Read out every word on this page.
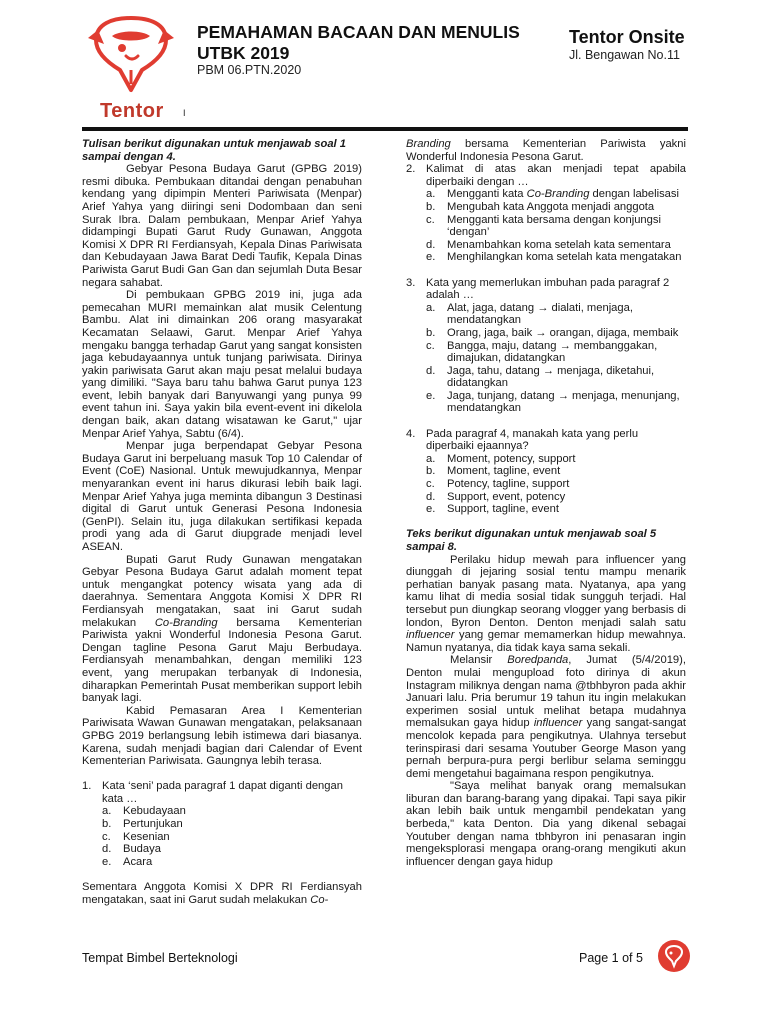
Tentor I
PEMAHAMAN BACAAN DAN MENULIS
UTBK 2019
PBM 06.PTN.2020
Tentor Onsite
Jl. Bengawan No.11

Tulisan berikut digunakan untuk menjawab soal 1 sampai dengan 4.

Gebyar Pesona Budaya Garut (GPBG 2019) resmi dibuka. Pembukaan ditandai dengan penabuhan kendang yang dipimpin Menteri Pariwisata (Menpar) Arief Yahya yang diiringi seni Dodombaan dan seni Surak Ibra. Dalam pembukaan, Menpar Arief Yahya didampingi Bupati Garut Rudy Gunawan, Anggota Komisi X DPR RI Ferdiansyah, Kepala Dinas Pariwisata dan Kebudayaan Jawa Barat Dedi Taufik, Kepala Dinas Pariwista Garut Budi Gan Gan dan sejumlah Duta Besar negara sahabat.

Di pembukaan GPBG 2019 ini, juga ada pemecahan MURI memainkan alat musik Celentung Bambu. Alat ini dimainkan 206 orang masyarakat Kecamatan Selaawi, Garut. Menpar Arief Yahya mengaku bangga terhadap Garut yang sangat konsisten jaga kebudayaannya untuk tunjang pariwisata. Dirinya yakin pariwisata Garut akan maju pesat melalui budaya yang dimiliki. "Saya baru tahu bahwa Garut punya 123 event, lebih banyak dari Banyuwangi yang punya 99 event tahun ini. Saya yakin bila event-event ini dikelola dengan baik, akan datang wisatawan ke Garut," ujar Menpar Arief Yahya, Sabtu (6/4).

Menpar juga berpendapat Gebyar Pesona Budaya Garut ini berpeluang masuk Top 10 Calendar of Event (CoE) Nasional. Untuk mewujudkannya, Menpar menyarankan event ini harus dikurasi lebih baik lagi. Menpar Arief Yahya juga meminta dibangun 3 Destinasi digital di Garut untuk Generasi Pesona Indonesia (GenPI). Selain itu, juga dilakukan sertifikasi kepada prodi yang ada di Garut diupgrade menjadi level ASEAN.

Bupati Garut Rudy Gunawan mengatakan Gebyar Pesona Budaya Garut adalah moment tepat untuk mengangkat potency wisata yang ada di daerahnya. Sementara Anggota Komisi X DPR RI Ferdiansyah mengatakan, saat ini Garut sudah melakukan Co-Branding bersama Kementerian Pariwista yakni Wonderful Indonesia Pesona Garut. Dengan tagline Pesona Garut Maju Berbudaya. Ferdiansyah menambahkan, dengan memiliki 123 event, yang merupakan terbanyak di Indonesia, diharapkan Pemerintah Pusat memberikan support lebih banyak lagi.

Kabid Pemasaran Area I Kementerian Pariwisata Wawan Gunawan mengatakan, pelaksanaan GPBG 2019 berlangsung lebih istimewa dari biasanya. Karena, sudah menjadi bagian dari Calendar of Event Kementerian Pariwisata. Gaungnya lebih terasa.

1. Kata ‘seni’ pada paragraf 1 dapat diganti dengan kata …
a.	Kebudayaan
b.	Pertunjukan
c.	Kesenian
d.	Budaya
e.	Acara

Sementara Anggota Komisi X DPR RI Ferdiansyah mengatakan, saat ini Garut sudah melakukan Co-

Branding bersama Kementerian Pariwista yakni Wonderful Indonesia Pesona Garut.

2. Kalimat di atas akan menjadi tepat apabila diperbaiki dengan …
a.	Mengganti kata Co-Branding dengan labelisasi
b.	Mengubah kata Anggota menjadi anggota
c.	Mengganti kata bersama dengan konjungsi ‘dengan’
d.	Menambahkan koma setelah kata sementara
e.	Menghilangkan koma setelah kata mengatakan
3. Kata yang memerlukan imbuhan pada paragraf 2 adalah …
a.	Alat, jaga, datang → dialati, menjaga, mendatangkan
b.	Orang, jaga, baik → orangan, dijaga, membaik
c.	Bangga, maju, datang → membanggakan, dimajukan, didatangkan
d.	Jaga, tahu, datang → menjaga, diketahui, didatangkan
e.	Jaga, tunjang, datang → menjaga, menunjang, mendatangkan
4. Pada paragraf 4, manakah kata yang perlu diperbaiki ejaannya?
a.	Moment, potency, support
b.	Moment, tagline, event
c.	Potency, tagline, support
d.	Support, event, potency
e.	Support, tagline, event

Teks berikut digunakan untuk menjawab soal 5 sampai 8.

Perilaku hidup mewah para influencer yang diunggah di jejaring sosial tentu mampu menarik perhatian banyak pasang mata. Nyatanya, apa yang kamu lihat di media sosial tidak sungguh terjadi. Hal tersebut pun diungkap seorang vlogger yang berbasis di london, Byron Denton. Denton menjadi salah satu influencer yang gemar memamerkan hidup mewahnya. Namun nyatanya, dia tidak kaya sama sekali.

Melansir Boredpanda, Jumat (5/4/2019), Denton mulai mengupload foto dirinya di akun Instagram miliknya dengan nama @tbhbyron pada akhir Januari lalu. Pria berumur 19 tahun itu ingin melakukan experimen sosial untuk melihat betapa mudahnya memalsukan gaya hidup influencer yang sangat-sangat mencolok kepada para pengikutnya. Ulahnya tersebut terinspirasi dari sesama Youtuber George Mason yang pernah berpura-pura pergi berlibur selama seminggu demi mengetahui bagaimana respon pengikutnya.

"Saya melihat banyak orang memalsukan liburan dan barang-barang yang dipakai. Tapi saya pikir akan lebih baik untuk mengambil pendekatan yang berbeda," kata Denton. Dia yang dikenal sebagai Youtuber dengan nama tbhbyron ini penasaran ingin mengeksplorasi mengapa orang-orang mengikuti akun influencer dengan gaya hidup

Tempat Bimbel Berteknologi	Page 1 of 5
